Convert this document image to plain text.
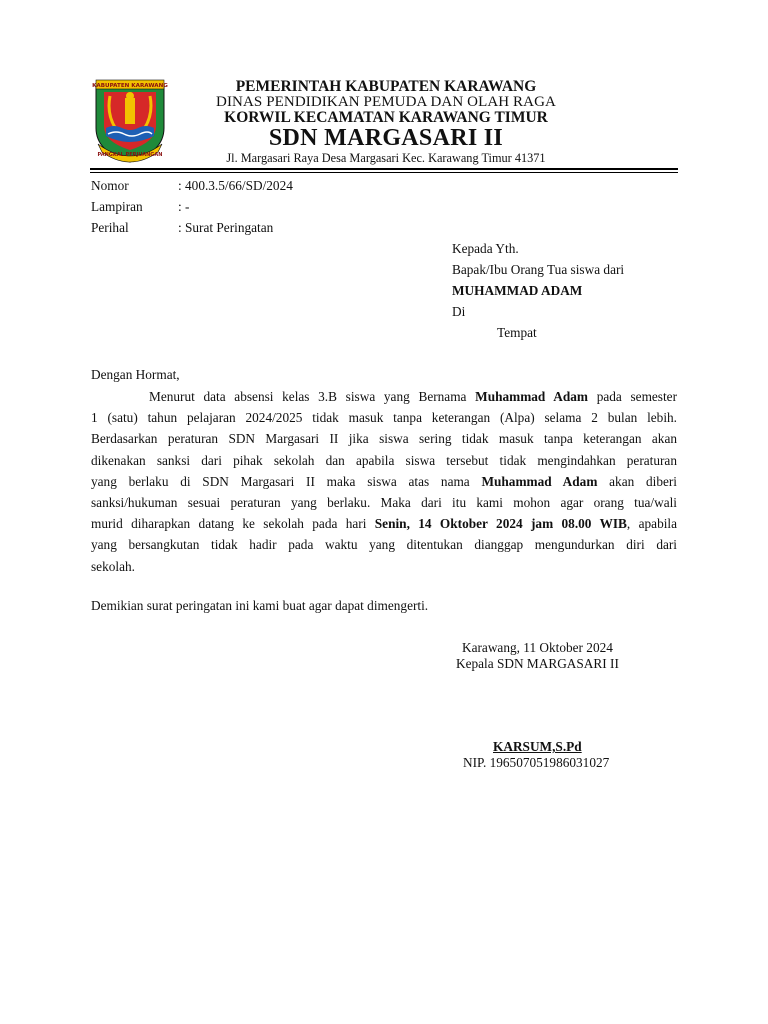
KABUPATEN KARAWANG
PANGKAL PERJUANGAN
PEMERINTAH KABUPATEN KARAWANG
DINAS PENDIDIKAN PEMUDA DAN OLAH RAGA
KORWIL KECAMATAN KARAWANG TIMUR
SDN MARGASARI II
Jl. Margasari Raya Desa Margasari Kec. Karawang Timur 41371
Nomor	: 400.3.5/66/SD/2024
Lampiran	: -
Perihal	: Surat Peringatan
Kepada Yth.
Bapak/Ibu Orang Tua siswa dari
MUHAMMAD ADAM
Di
Tempat
Dengan Hormat,
Menurut data absensi kelas 3.B siswa yang Bernama Muhammad Adam pada semester
1 (satu) tahun pelajaran 2024/2025 tidak masuk tanpa keterangan (Alpa) selama 2 bulan lebih.
Berdasarkan peraturan SDN Margasari II jika siswa sering tidak masuk tanpa keterangan akan
dikenakan sanksi dari pihak sekolah dan apabila siswa tersebut tidak mengindahkan peraturan
yang berlaku di SDN Margasari II maka siswa atas nama Muhammad Adam akan diberi
sanksi/hukuman sesuai peraturan yang berlaku. Maka dari itu kami mohon agar orang tua/wali
murid diharapkan datang ke sekolah pada hari Senin, 14 Oktober 2024 jam 08.00 WIB, apabila
yang bersangkutan tidak hadir pada waktu yang ditentukan dianggap mengundurkan diri dari
sekolah.
Demikian surat peringatan ini kami buat agar dapat dimengerti.
Karawang, 11 Oktober 2024
Kepala SDN MARGASARI II
KARSUM,S.Pd
NIP. 196507051986031027
